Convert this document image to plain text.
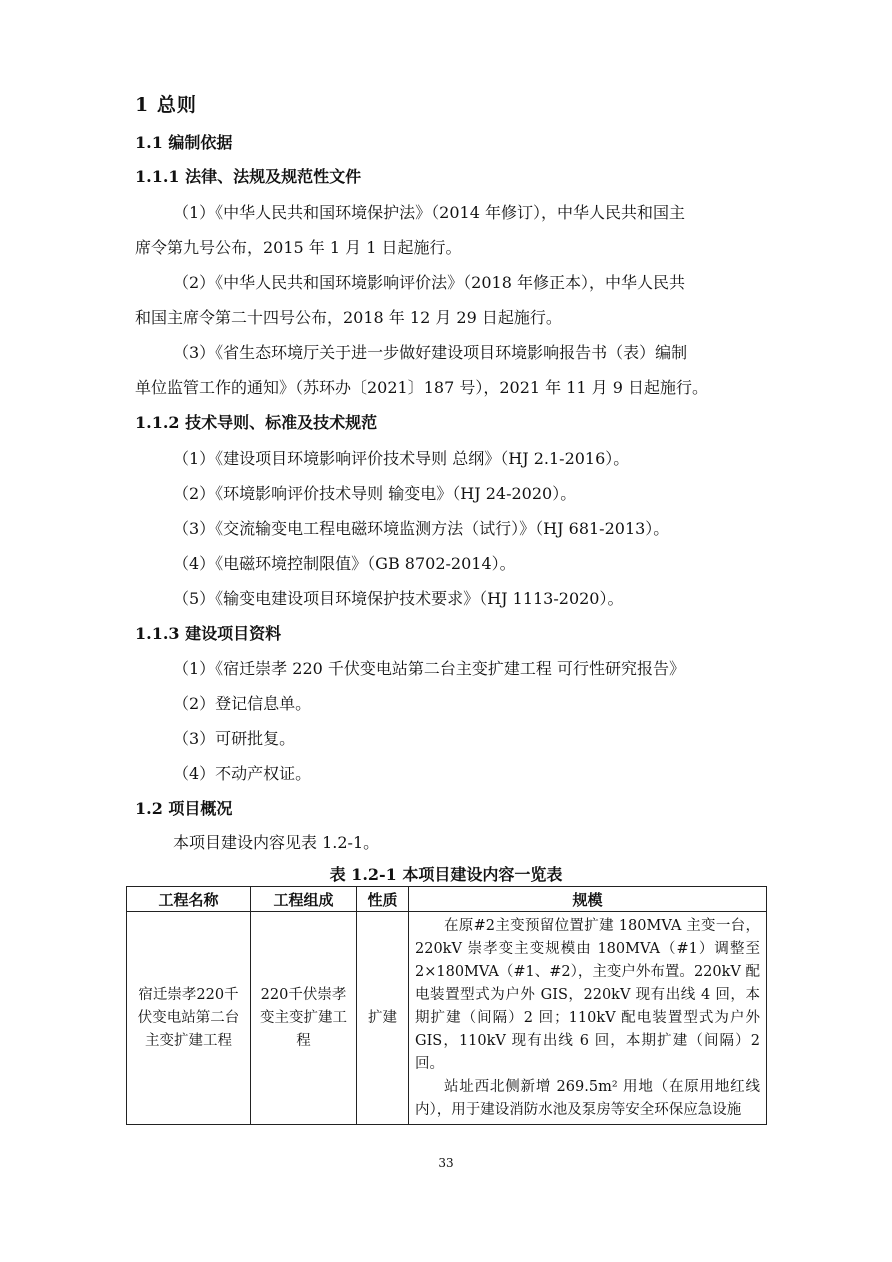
1 总则
1.1 编制依据
1.1.1 法律、法规及规范性文件
（1）《中华人民共和国环境保护法》（2014 年修订），中华人民共和国主
席令第九号公布，2015 年 1 月 1 日起施行。
（2）《中华人民共和国环境影响评价法》（2018 年修正本），中华人民共
和国主席令第二十四号公布，2018 年 12 月 29 日起施行。
（3）《省生态环境厅关于进一步做好建设项目环境影响报告书（表）编制
单位监管工作的通知》（苏环办〔2021〕187 号），2021 年 11 月 9 日起施行。
1.1.2 技术导则、标准及技术规范
（1）《建设项目环境影响评价技术导则 总纲》（HJ 2.1-2016）。
（2）《环境影响评价技术导则 输变电》（HJ 24-2020）。
（3）《交流输变电工程电磁环境监测方法（试行）》（HJ 681-2013）。
（4）《电磁环境控制限值》（GB 8702-2014）。
（5）《输变电建设项目环境保护技术要求》（HJ 1113-2020）。
1.1.3 建设项目资料
（1）《宿迁崇孝 220 千伏变电站第二台主变扩建工程 可行性研究报告》
（2）登记信息单。
（3）可研批复。
（4）不动产权证。
1.2 项目概况
本项目建设内容见表 1.2-1。
表 1.2-1 本项目建设内容一览表
工程名称	工程组成	性质	规模
宿迁崇孝220千伏变电站第二台主变扩建工程	220千伏崇孝变主变扩建工程	扩建	在原#2主变预留位置扩建 180MVA 主变一台，220kV 崇孝变主变规模由 180MVA（#1）调整至 2×180MVA（#1、#2），主变户外布置。220kV 配电装置型式为户外 GIS，220kV 现有出线 4 回，本期扩建（间隔）2 回；110kV 配电装置型式为户外 GIS，110kV 现有出线 6 回，本期扩建（间隔）2 回。

站址西北侧新增 269.5m² 用地（在原用地红线内），用于建设消防水池及泵房等安全环保应急设施

33
